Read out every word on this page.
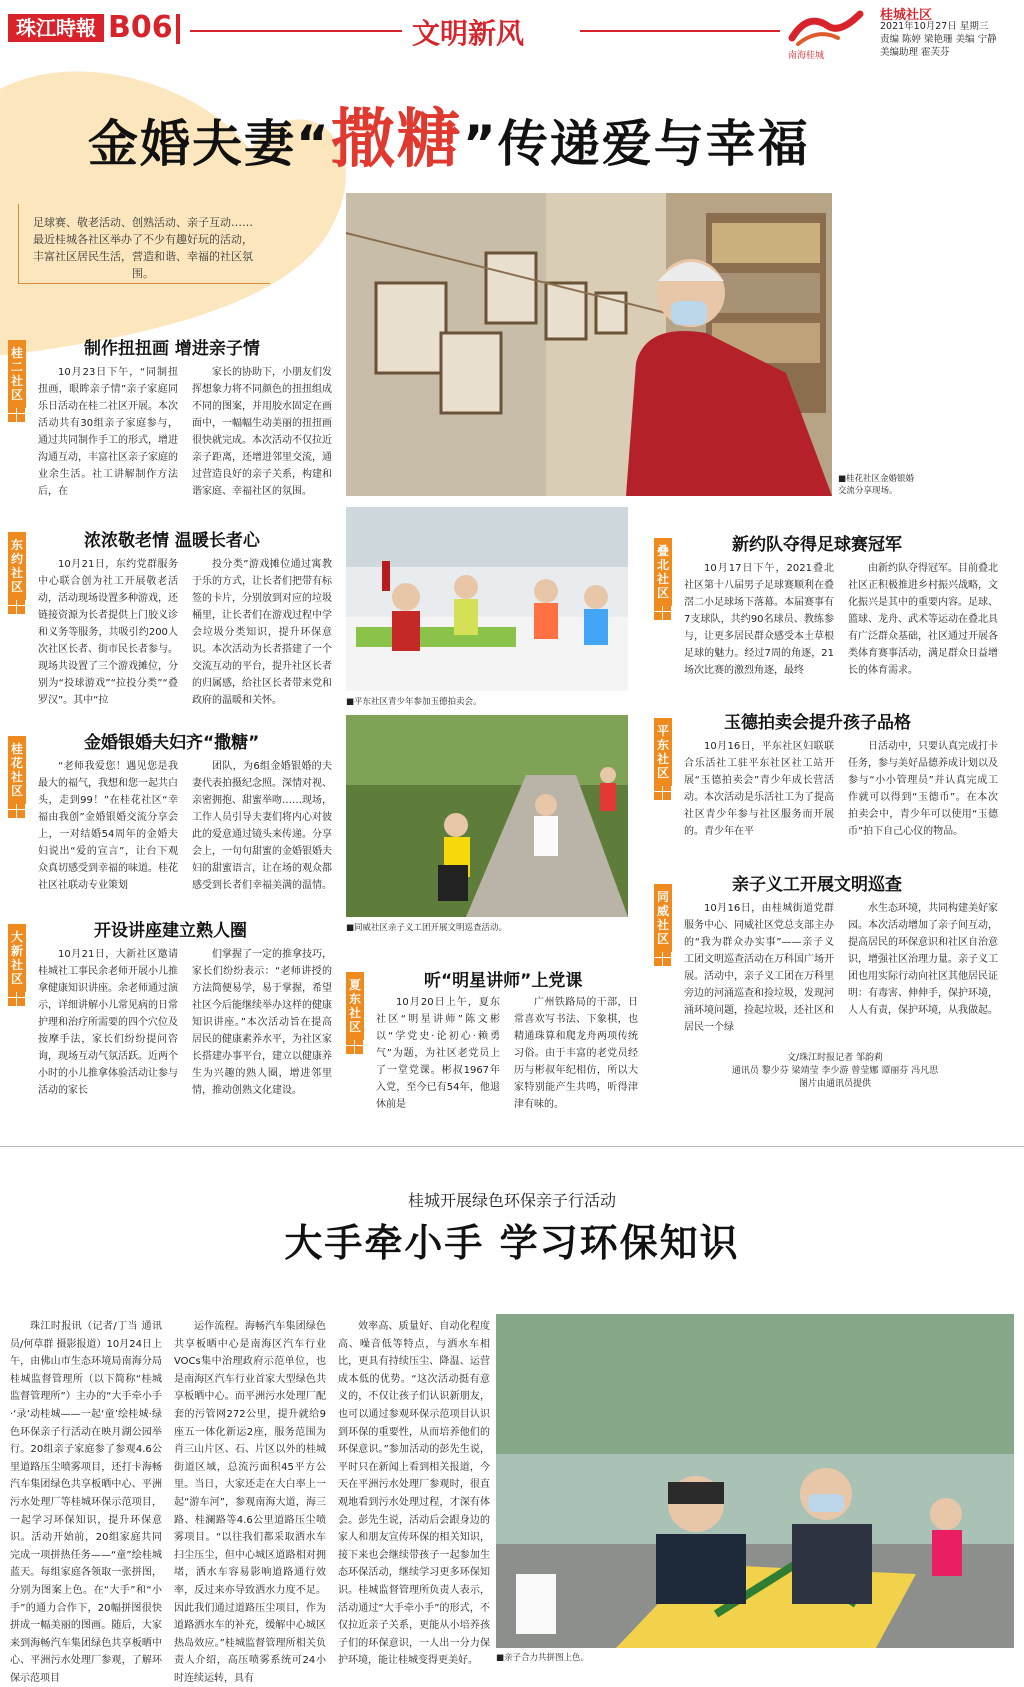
珠江時報 B06	文明新风
南海桂城
桂城社区
2021年10月27日 星期三
责编 陈婷 梁艳珊 美编 宁静
美编助理 霍芙芬
金婚夫妻“撒糖”传递爱与幸福
足球赛、敬老活动、创熟活动、亲子互动……最近桂城各社区举办了不少有趣好玩的活动，丰富社区居民生活，营造和谐、幸福的社区氛围。
■桂花社区金婚银婚交流分享现场。
■平东社区青少年参加玉德拍卖会。
■同威社区亲子义工团开展文明巡查活动。
桂二社区
制作扭扭画 增进亲子情

10月23日下午，“同制扭扭画，眼眸亲子情”亲子家庭同乐日活动在桂二社区开展。本次活动共有30组亲子家庭参与，通过共同制作手工的形式，增进沟通互动，丰富社区亲子家庭的业余生活。社工讲解制作方法后，在

家长的协助下，小朋友们发挥想象力将不同颜色的扭扭组成不同的图案，并用胶水固定在画面中，一幅幅生动美丽的扭扭画很快就完成。本次活动不仅拉近亲子距离，还增进邻里交流，通过营造良好的亲子关系，构建和谐家庭、幸福社区的氛围。

东约社区
浓浓敬老情 温暖长者心

10月21日，东约党群服务中心联合创为社工开展敬老活动，活动现场设置多种游戏，还链接资源为长者提供上门胶义诊和义务等服务，共吸引约200人次社区长者、街市民长者参与。现场共设置了三个游戏摊位，分别为“投球游戏”“拉投分类”“叠罗汉”。其中“拉

投分类”游戏摊位通过寓教于乐的方式，让长者们把带有标签的卡片，分别放到对应的垃圾桶里，让长者们在游戏过程中学会垃圾分类知识，提升环保意识。本次活动为长者搭建了一个交流互动的平台，提升社区长者的归属感，给社区长者带来党和政府的温暖和关怀。

桂花社区
金婚银婚夫妇齐“撒糖”

“老师我爱您！遇见您是我最大的福气，我想和您一起共白头，走到99！”在桂花社区“幸福由我创”金婚银婚交流分享会上，一对结婚54周年的金婚夫妇说出“爱的宣言”，让台下观众真切感受到幸福的味道。桂花社区社联动专业策划

团队，为6组金婚银婚的夫妻代表拍摄纪念照。深情对视、亲密拥抱、甜蜜举吻……现场，工作人员引导夫妻们将内心对彼此的爱意通过镜头来传递。分享会上，一句句甜蜜的金婚银婚夫妇的甜蜜语言，让在场的观众都感受到长者们幸福美满的温情。

大新社区
开设讲座建立熟人圈

10月21日，大新社区邀请桂城社工事民余老师开展小儿推拿健康知识讲座。余老师通过演示，详细讲解小儿常见病的日常护理和治疗所需要的四个穴位及按摩手法，家长们纷纷提问咨询，现场互动气氛活跃。近两个小时的小儿推拿体验活动让参与活动的家长

们掌握了一定的推拿技巧，家长们纷纷表示：“老师讲授的方法简便易学，易于掌握，希望社区今后能继续举办这样的健康知识讲座。”本次活动旨在提高居民的健康素养水平，为社区家长搭建办事平台，建立以健康养生为兴趣的熟人圈，增进邻里情，推动创熟文化建设。

叠北社区
新约队夺得足球赛冠军

10月17日下午，2021叠北社区第十八届男子足球赛顺利在叠滘二小足球场下落幕。本届赛事有7支球队，共约90名球员、教练参与，让更多居民群众感受本土草根足球的魅力。经过7周的角逐，21场次比赛的激烈角逐，最终

由新约队夺得冠军。目前叠北社区正积极推进乡村振兴战略，文化振兴是其中的重要内容。足球、篮球、龙舟、武术等运动在叠北具有广泛群众基础，社区通过开展各类体育赛事活动，满足群众日益增长的体育需求。

平东社区
玉德拍卖会提升孩子品格

10月16日，平东社区妇联联合乐活社工驻平东社区社工站开展“玉德拍卖会”青少年成长营活动。本次活动是乐活社工为了提高社区青少年参与社区服务而开展的。青少年在平

日活动中，只要认真完成打卡任务，参与美好品德养成计划以及参与“小小管理员”并认真完成工作就可以得到“玉德币”。在本次拍卖会中，青少年可以使用“玉德币”拍下自己心仪的物品。

同威社区
亲子义工开展文明巡查

10月16日，由桂城街道党群服务中心、同威社区党总支部主办的“我为群众办实事”——亲子义工团文明巡查活动在万科国广场开展。活动中，亲子义工团在万科里旁边的河涌巡查和捡垃圾，发现河涌环境问题，捡起垃圾，还社区和居民一个绿

水生态环境，共同构建美好家园。本次活动增加了亲子间互动，提高居民的环保意识和社区自治意识，增强社区治理力量。亲子义工团也用实际行动向社区其他居民证明：有毒害、伸伸手，保护环境，人人有责，保护环境，从我做起。

夏东社区
听“明星讲师”上党课

10月20日上午，夏东社区“明星讲师”陈文彬以“学党史·论初心·赖勇气”为题，为社区老党员上了一堂党课。彬叔1967年入党，至今已有54年，他退休前是

广州铁路局的干部，日常喜欢写书法、下象棋，也精通珠算和爬龙舟两项传统习俗。由于丰富的老党员经历与彬叔年纪相仿，所以大家特别能产生共鸣，听得津津有味的。

文/珠江时报记者 邹韵莉
通讯员 黎少芬 梁靖莹 李少游 曾莹娜 谭丽芬 冯凡思
图片由通讯员提供
桂城开展绿色环保亲子行活动
大手牵小手 学习环保知识

珠江时报讯（记者/丁当 通讯员/何草群 摄影报道）10月24日上午，由佛山市生态环境局南海分局桂城监督管理所（以下简称“桂城监督管理所”）主办的“大手牵小手·‘录’动桂城——一起‘童’绘桂城·绿色环保亲子行活动在映月湖公园举行。20组亲子家庭参了参观4.6公里道路压尘喷雾项目，还打卡海畅汽车集团绿色共享板晒中心、平洲污水处理厂等桂城环保示范项目，一起学习环保知识，提升环保意识。活动开始前，20组家庭共同完成一项拼热任务——“童”绘桂城蓝天。每组家庭各领取一张拼图，分别为图案上色。在“大手”和“小手”的通力合作下，20幅拼图很快拼成一幅美丽的图画。随后，大家来到海畅汽车集团绿色共享板晒中心、平洲污水处理厂参观，了解环保示范项目

运作流程。海畅汽车集团绿色共享板晒中心是南海区汽车行业VOCs集中治理政府示范单位，也是南海区汽车行业首家大型绿色共享板晒中心。而平洲污水处理厂配套的污管网272公里，提升就给9座五一体化新运2座，服务范围为肖三山片区、石、片区以外的桂城街道区域，总流污面积45平方公里。当日，大家还走在大白率上一起“游车河”，参观南海大道，海三路、桂澜路等4.6公里道路压尘喷雾项目。“以往我们都采取洒水车扫尘压尘，但中心城区道路相对拥堵，洒水车容易影响道路通行效率，反过来亦导致洒水力度不足。因此我们通过道路压尘项目，作为道路洒水车的补充，缓解中心城区热岛效应。”桂城监督管理所相关负责人介绍，高压喷雾系统可24小时连续运转，具有

效率高、质量好、自动化程度高、噪音低等特点，与洒水车相比，更具有持续压尘、降温、运营成本低的优势。“这次活动挺有意义的，不仅让孩子们认识新朋友，也可以通过参观环保示范项目认识到环保的重要性，从而培养他们的环保意识。”参加活动的彭先生说，平时只在新闻上看到相关报道，今天在平洲污水处理厂参观时，很直观地看到污水处理过程，才深有体会。彭先生说，活动后会跟身边的家人和朋友宣传环保的相关知识，接下来也会继续带孩子一起参加生态环保活动，继续学习更多环保知识。桂城监督管理所负责人表示，活动通过“大手牵小手”的形式，不仅拉近亲子关系，更能从小培养孩子们的环保意识，一人出一分力保护环境，能让桂城变得更美好。	■亲子合力共拼图上色。
